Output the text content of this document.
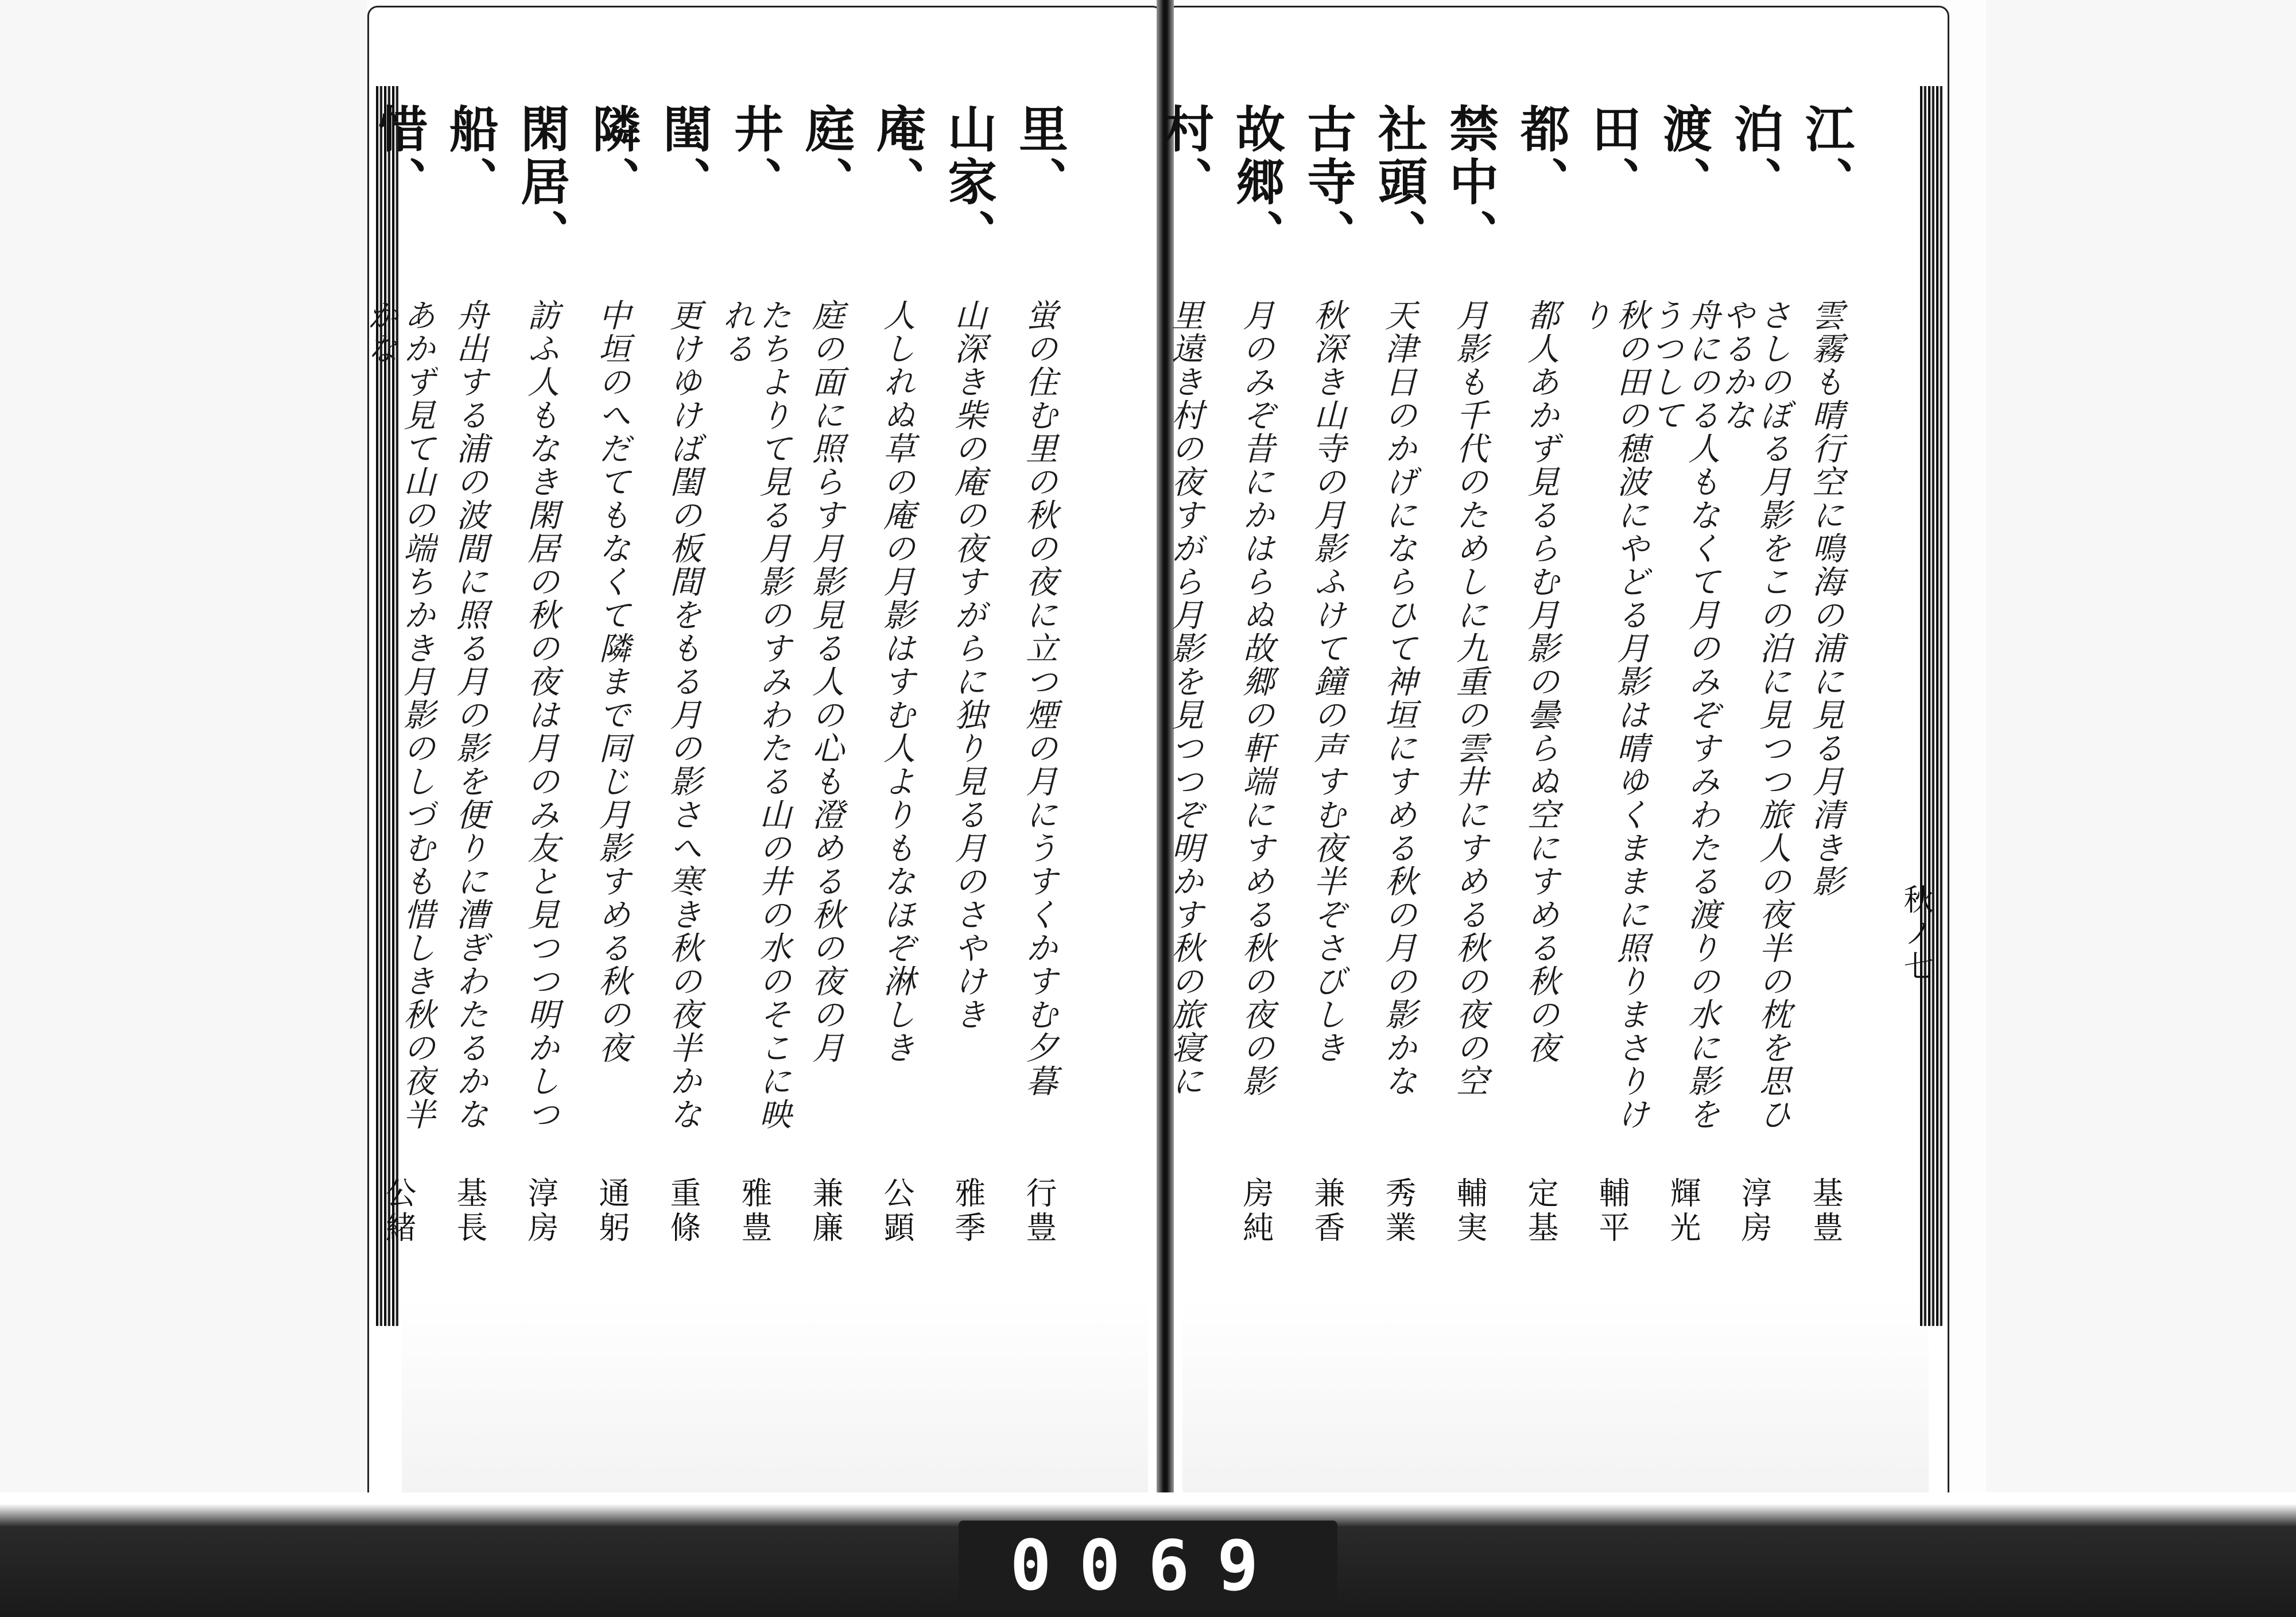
秋ノ七
江、
雲霧も晴行空に鳴海の浦に見る月清き影
基豊
泊、
さしのぼる月影をこの泊に見つつ旅人の夜半の枕を思ひやるかな
淳房
渡、
舟にのる人もなくて月のみぞすみわたる渡りの水に影をうつして
輝光
田、
秋の田の穂波にやどる月影は晴ゆくままに照りまさりけり
輔平
都、
都人あかず見るらむ月影の曇らぬ空にすめる秋の夜
定基
禁中、
月影も千代のためしに九重の雲井にすめる秋の夜の空
輔実
社頭、
天津日のかげにならひて神垣にすめる秋の月の影かな
秀業
古寺、
秋深き山寺の月影ふけて鐘の声すむ夜半ぞさびしき
兼香
故郷、
月のみぞ昔にかはらぬ故郷の軒端にすめる秋の夜の影
房純
村、
里遠き村の夜すがら月影を見つつぞ明かす秋の旅寝に
里、
蛍の住む里の秋の夜に立つ煙の月にうすくかすむ夕暮
行豊
山家、
山深き柴の庵の夜すがらに独り見る月のさやけき
雅季
庵、
人しれぬ草の庵の月影はすむ人よりもなほぞ淋しき
公顕
庭、
庭の面に照らす月影見る人の心も澄める秋の夜の月
兼廉
井、
たちよりて見る月影のすみわたる山の井の水のそこに映れる
雅豊
閨、
更けゆけば閨の板間をもる月の影さへ寒き秋の夜半かな
重條
隣、
中垣のへだてもなくて隣まで同じ月影すめる秋の夜
通躬
閑居、
訪ふ人もなき閑居の秋の夜は月のみ友と見つつ明かしつ
淳房
船、
舟出する浦の波間に照る月の影を便りに漕ぎわたるかな
基長
惜、
あかず見て山の端ちかき月影のしづむも惜しき秋の夜半かな
公緒
0069
